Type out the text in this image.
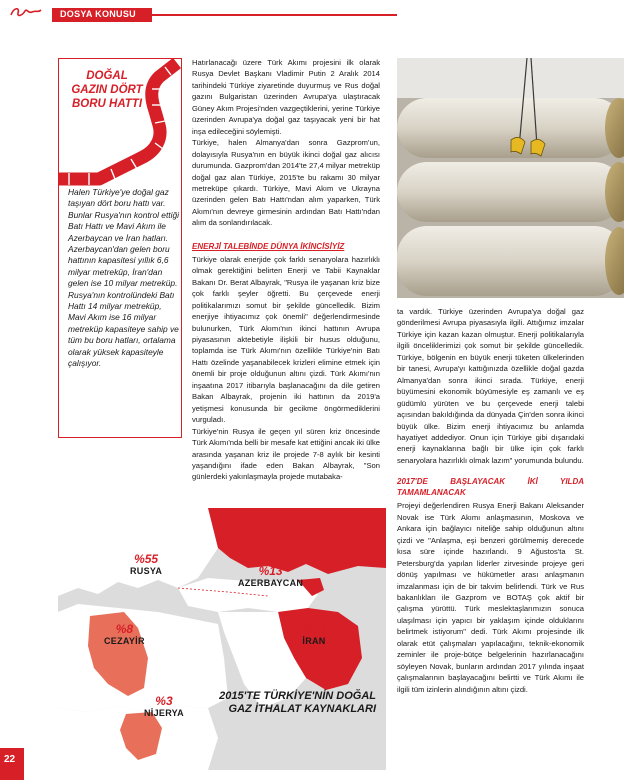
DOSYA KONUSU
DOĞAL GAZIN DÖRT BORU HATTI
Halen Türkiye'ye doğal gaz taşıyan dört boru hattı var. Bunlar Rusya'nın kontrol ettiği Batı Hattı ve Mavi Akım ile Azerbaycan ve İran hatları. Azerbaycan'dan gelen boru hattının kapasitesi yıllık 6,6 milyar metreküp, İran'dan gelen ise 10 milyar metreküp. Rusya'nın kontrolündeki Batı Hattı 14 milyar metreküp, Mavi Akım ise 16 milyar metreküp kapasiteye sahip ve tüm bu boru hatları, ortalama olarak yüksek kapasiteyle çalışıyor.

Hatırlanacağı üzere Türk Akımı projesini ilk olarak Rusya Devlet Başkanı Vladimir Putin 2 Aralık 2014 tarihindeki Türkiye ziyaretinde duyurmuş ve Rus doğal gazını Bulgaristan üzerinden Avrupa'ya ulaştıracak Güney Akım Projesi'nden vazgeçtiklerini, yerine Türkiye üzerinden Avrupa'ya doğal gaz taşıyacak yeni bir hat inşa edileceğini söylemişti.

Türkiye, halen Almanya'dan sonra Gazprom'un, dolayısıyla Rusya'nın en büyük ikinci doğal gaz alıcısı durumunda. Gazprom'dan 2014'te 27,4 milyar metreküp doğal gaz alan Türkiye, 2015'te bu rakamı 30 milyar metreküpe çıkardı. Türkiye, Mavi Akım ve Ukrayna üzerinden gelen Batı Hattı'ndan alım yaparken, Türk Akımı'nın devreye girmesinin ardından Batı Hattı'ndan alım da sonlandırılacak.

ENERJİ TALEBİNDE DÜNYA İKİNCİSİYİZ

Türkiye olarak enerjide çok farklı senaryolara hazırlıklı olmak gerektiğini belirten Enerji ve Tabii Kaynaklar Bakanı Dr. Berat Albayrak, "Rusya ile yaşanan kriz bize çok farklı şeyler öğretti. Bu çerçevede enerji politikalarımızı somut bir şekilde güncelledik. Bizim enerjiye ihtiyacımız çok önemli" değerlendirmesinde bulunurken, Türk Akımı'nın ikinci hattının Avrupa piyasasının aktebetiyle ilişkili bir husus olduğunu, toplamda ise Türk Akımı'nın özellikle Türkiye'nin Batı Hattı özelinde yaşanabilecek krizleri elimine etmek için önemli bir proje olduğunun altını çizdi. Türk Akımı'nın inşaatına 2017 itibarıyla başlanacağını da dile getiren Bakan Albayrak, projenin iki hattının da 2019'a yetişmesi konusunda bir gecikme öngörmediklerini vurguladı.

Türkiye'nin Rusya ile geçen yıl süren kriz öncesinde Türk Akımı'nda belli bir mesafe kat ettiğini ancak iki ülke arasında yaşanan kriz ile projede 7-8 aylık bir kesinti yaşandığını ifade eden Bakan Albayrak, "Son günlerdeki yakınlaşmayla projede mutabaka-

ta vardık. Türkiye üzerinden Avrupa'ya doğal gaz gönderilmesi Avrupa piyasasıyla ilgili. Attığımız imzalar Türkiye için kazan kazan olmuştur. Enerji politikalarıyla ilgili önceliklerimizi çok somut bir şekilde güncelledik. Türkiye, bölgenin en büyük enerji tüketen ülkelerinden bir tanesi, Avrupa'yı kattığınızda özellikle doğal gazda Almanya'dan sonra ikinci sırada. Türkiye, enerji büyümesini ekonomik büyümesiyle eş zamanlı ve eş güdümlü yürüten ve bu çerçevede enerji talebi açısından bakıldığında da dünyada Çin'den sonra ikinci büyük ülke. Bizim enerji ihtiyacımız bu anlamda hayatiyet addediyor. Onun için Türkiye gibi dışarıdaki enerji kaynaklarına bağlı bir ülke için çok farklı senaryolara hazırlıklı olmak lazım" yorumunda bulundu.

2017'DE BAŞLAYACAK İKİ YILDA TAMAMLANACAK

Projeyi değerlendiren Rusya Enerji Bakanı Aleksander Novak ise Türk Akımı anlaşmasının, Moskova ve Ankara için bağlayıcı niteliğe sahip olduğunun altını çizdi ve "Anlaşma, eşi benzeri görülmemiş derecede kısa süre içinde hazırlandı. 9 Ağustos'ta St. Petersburg'da yapılan liderler zirvesinde projeye geri dönüş yapılması ve hükümetler arası anlaşmanın imzalanması için de bir takvim belirlendi. Türk ve Rus bakanlıkları ile Gazprom ve BOTAŞ çok aktif bir çalışma yürüttü. Türk meslektaşlarımızın sonuca ulaşılması için yapıcı bir yaklaşım içinde olduklarını belirtmek istiyorum" dedi. Türk Akımı projesinde ilk olarak etüt çalışmaları yapılacağını, teknik-ekonomik zeminler ile proje-bütçe belgelerinin hazırlanacağını söyleyen Novak, bunların ardından 2017 yılında inşaat çalışmalarının başlayacağını belirtti ve Türk Akımı ile ilgili tüm izinlerin alındığının altını çizdi.

%55
RUSYA	%13
AZERBAYCAN
%8
CEZAYİR
%16
İRAN
%3
NİJERYA
2015'TE TÜRKİYE'NİN DOĞAL GAZ İTHALAT KAYNAKLARI
22
